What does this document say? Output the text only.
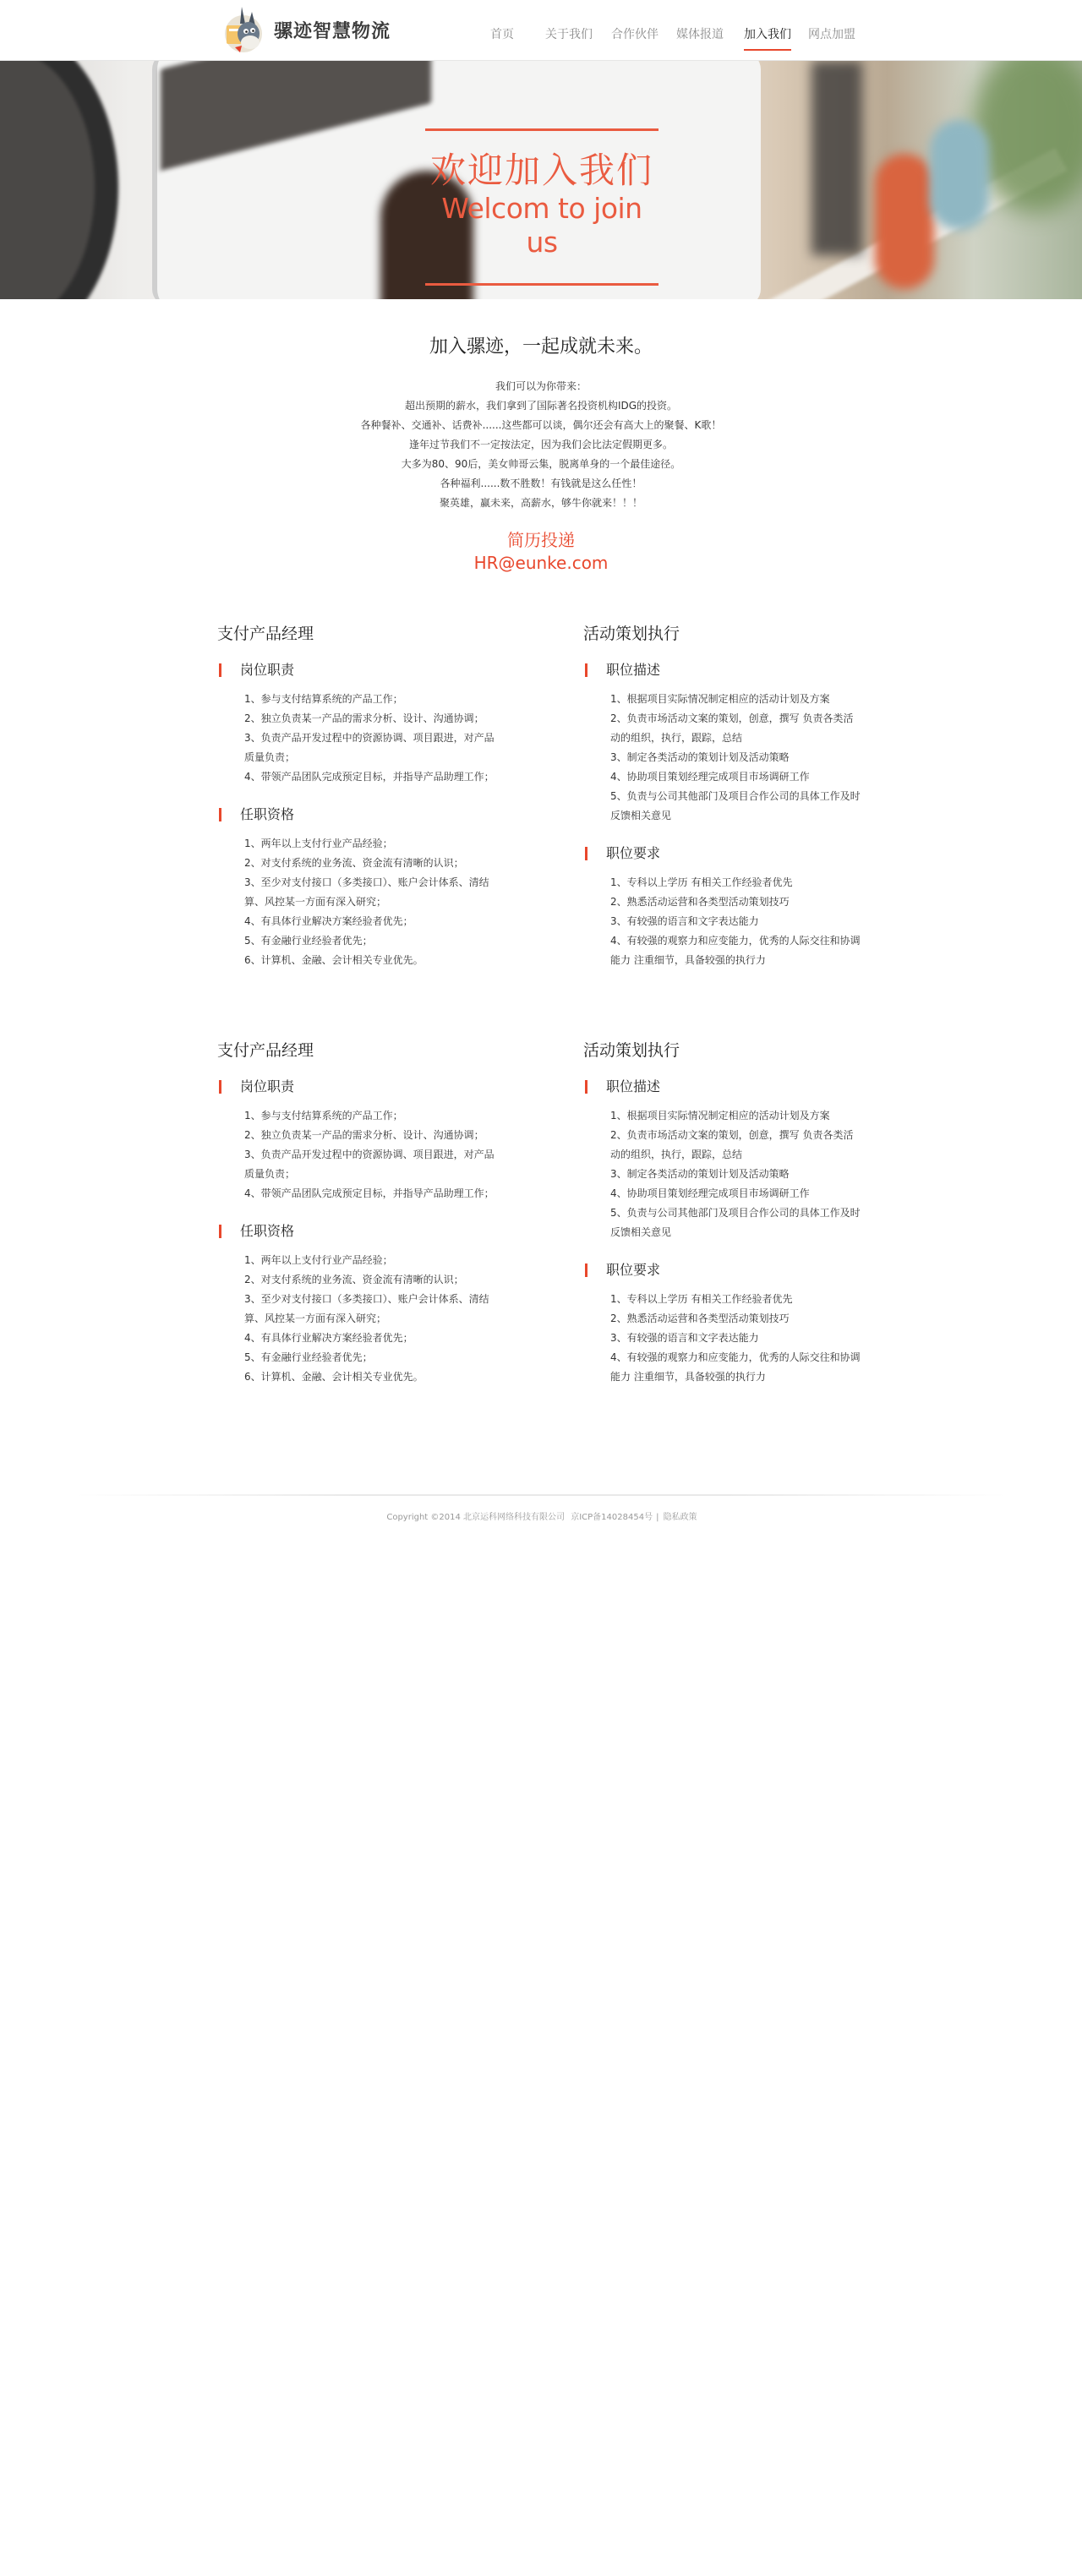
骡迹智慧物流	首页	关于我们 合作伙伴 媒体报道 加入我们 网点加盟
欢迎加入我们
Welcom to join us
加入骡迹，一起成就未来。
我们可以为你带来：
超出预期的薪水，我们拿到了国际著名投资机构IDG的投资。
各种餐补、交通补、话费补......这些都可以谈，偶尔还会有高大上的聚餐、K歌！
逢年过节我们不一定按法定，因为我们会比法定假期更多。
大多为80、90后，美女帅哥云集，脱离单身的一个最佳途径。
各种福利......数不胜数！有钱就是这么任性！
聚英雄，赢未来，高薪水，够牛你就来！！！
简历投递
HR@eunke.com
支付产品经理
岗位职责
1、参与支付结算系统的产品工作；
2、独立负责某一产品的需求分析、设计、沟通协调；
3、负责产品开发过程中的资源协调、项目跟进，对产品质量负责；
4、带领产品团队完成预定目标，并指导产品助理工作；
任职资格
1、两年以上支付行业产品经验；
2、对支付系统的业务流、资金流有清晰的认识；
3、至少对支付接口（多类接口）、账户会计体系、清结算、风控某一方面有深入研究；
4、有具体行业解决方案经验者优先；
5、有金融行业经验者优先；
6、计算机、金融、会计相关专业优先。
活动策划执行
职位描述
1、根据项目实际情况制定相应的活动计划及方案
2、负责市场活动文案的策划，创意，撰写 负责各类活动的组织，执行，跟踪，总结
3、制定各类活动的策划计划及活动策略
4、协助项目策划经理完成项目市场调研工作
5、负责与公司其他部门及项目合作公司的具体工作及时反馈相关意见
职位要求
1、专科以上学历 有相关工作经验者优先
2、熟悉活动运营和各类型活动策划技巧
3、有较强的语言和文字表达能力
4、有较强的观察力和应变能力，优秀的人际交往和协调能力 注重细节，具备较强的执行力
支付产品经理
岗位职责
1、参与支付结算系统的产品工作；
2、独立负责某一产品的需求分析、设计、沟通协调；
3、负责产品开发过程中的资源协调、项目跟进，对产品质量负责；
4、带领产品团队完成预定目标，并指导产品助理工作；
任职资格
1、两年以上支付行业产品经验；
2、对支付系统的业务流、资金流有清晰的认识；
3、至少对支付接口（多类接口）、账户会计体系、清结算、风控某一方面有深入研究；
4、有具体行业解决方案经验者优先；
5、有金融行业经验者优先；
6、计算机、金融、会计相关专业优先。
活动策划执行
职位描述
1、根据项目实际情况制定相应的活动计划及方案
2、负责市场活动文案的策划，创意，撰写 负责各类活动的组织，执行，跟踪，总结
3、制定各类活动的策划计划及活动策略
4、协助项目策划经理完成项目市场调研工作
5、负责与公司其他部门及项目合作公司的具体工作及时反馈相关意见
职位要求
1、专科以上学历 有相关工作经验者优先
2、熟悉活动运营和各类型活动策划技巧
3、有较强的语言和文字表达能力
4、有较强的观察力和应变能力，优秀的人际交往和协调能力 注重细节，具备较强的执行力
Copyright ©2014 北京运科网络科技有限公司 京ICP备14028454号 | 隐私政策
